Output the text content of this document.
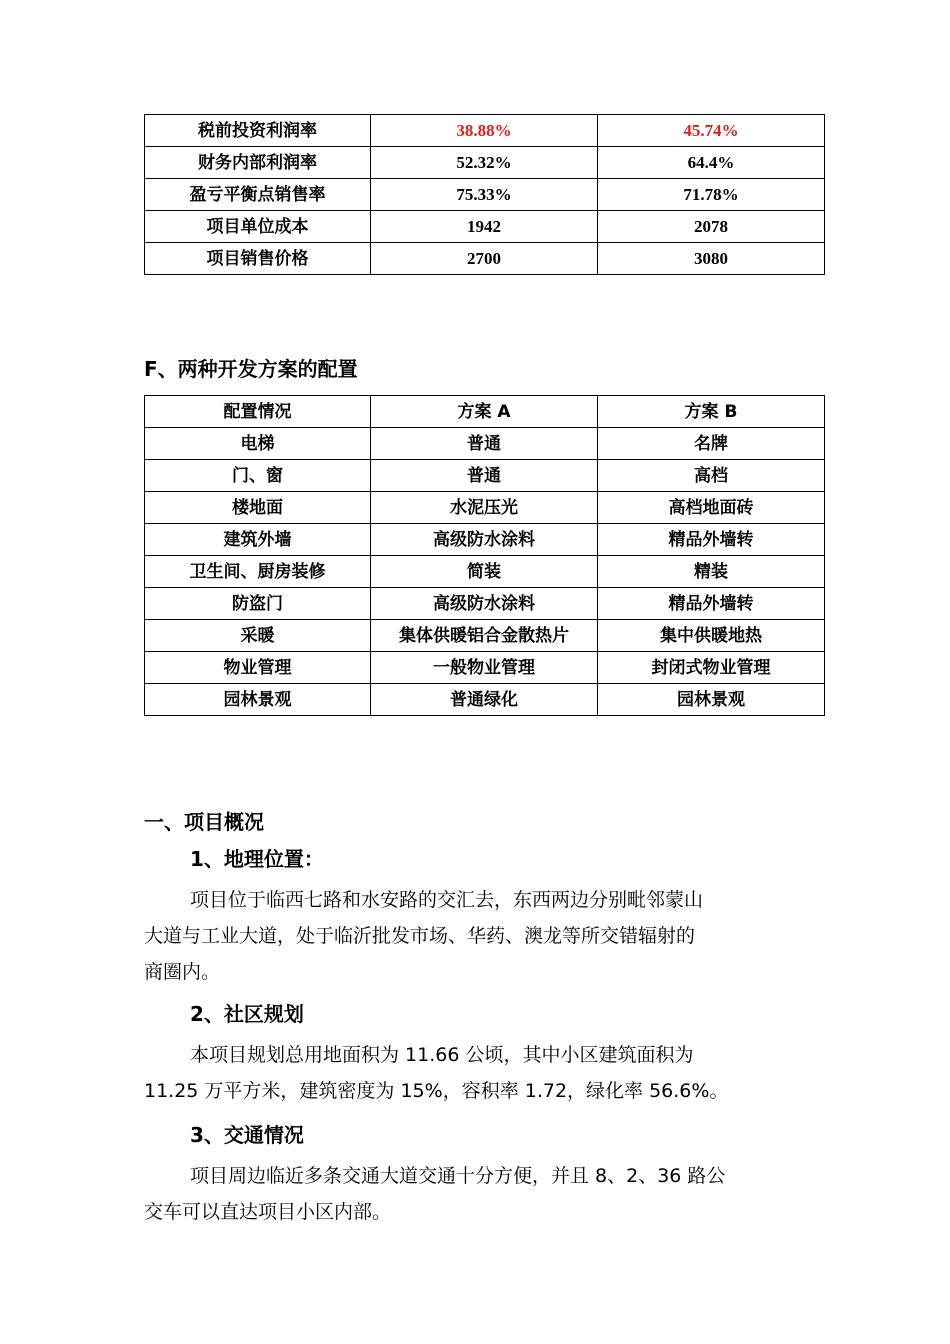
税前投资利润率	38.88%	45.74%
财务内部利润率	52.32%	64.4%
盈亏平衡点销售率	75.33%	71.78%
项目单位成本	1942	2078
项目销售价格	2700	3080
F、两种开发方案的配置
配置情况	方案 A	方案 B
电梯	普通	名牌
门、窗	普通	高档
楼地面	水泥压光	高档地面砖
建筑外墙	高级防水涂料	精品外墙转
卫生间、厨房装修	简装	精装
防盗门	高级防水涂料	精品外墙转
采暖	集体供暖铝合金散热片	集中供暖地热
物业管理	一般物业管理	封闭式物业管理
园林景观	普通绿化	园林景观
一、项目概况
1、地理位置：
项目位于临西七路和水安路的交汇去，东西两边分别毗邻蒙山
大道与工业大道，处于临沂批发市场、华药、澳龙等所交错辐射的
商圈内。
2、社区规划
本项目规划总用地面积为 11.66 公顷，其中小区建筑面积为
11.25 万平方米，建筑密度为 15%，容积率 1.72，绿化率 56.6%。
3、交通情况
项目周边临近多条交通大道交通十分方便，并且 8、2、36 路公
交车可以直达项目小区内部。
